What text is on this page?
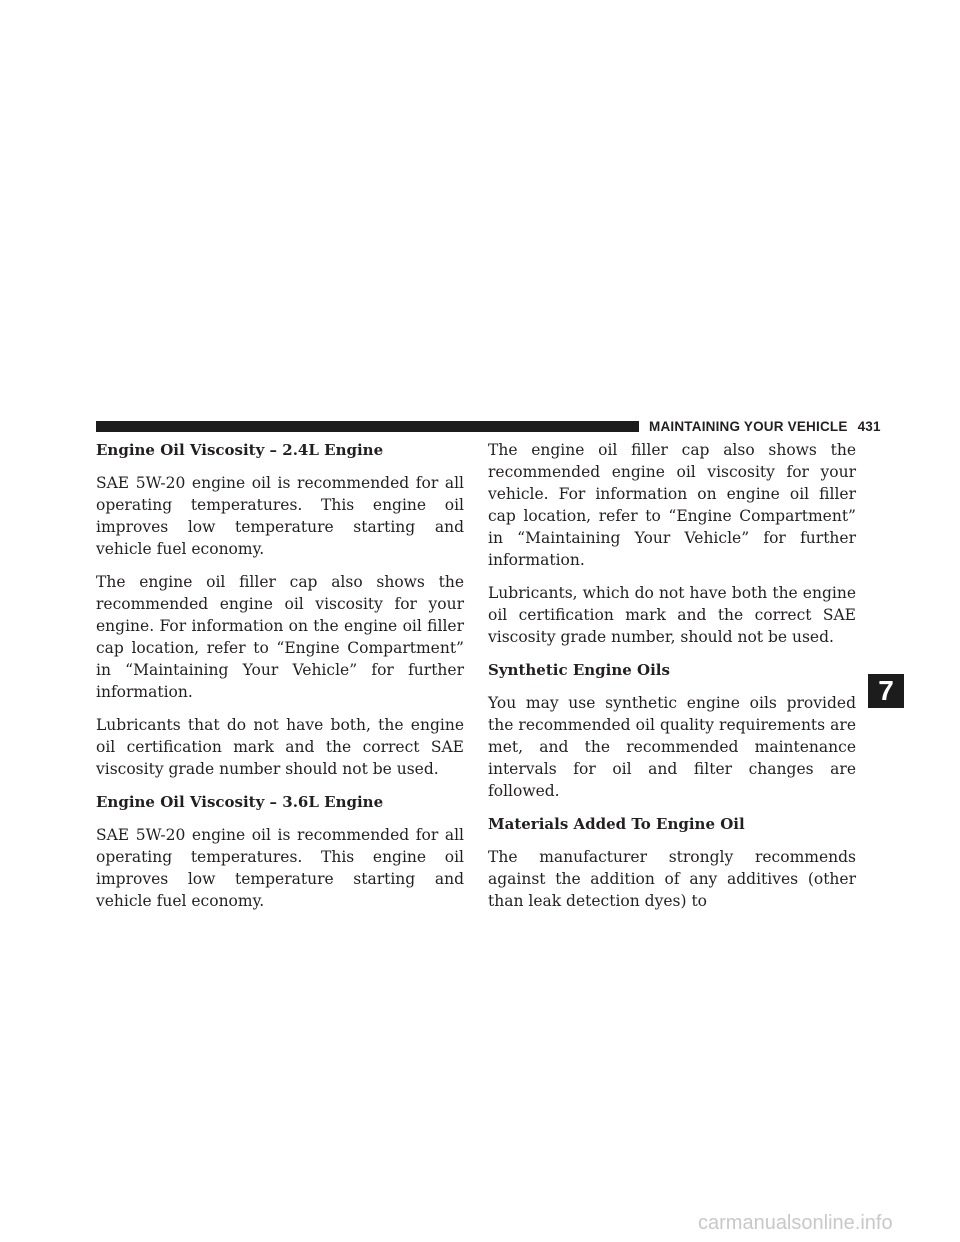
MAINTAINING YOUR VEHICLE 431
Engine Oil Viscosity – 2.4L Engine

SAE 5W-20 engine oil is recommended for all operating temperatures. This engine oil improves low temperature starting and vehicle fuel economy.

The engine oil filler cap also shows the recommended engine oil viscosity for your engine. For information on the engine oil filler cap location, refer to “Engine Compartment” in “Maintaining Your Vehicle” for further information.

Lubricants that do not have both, the engine oil certification mark and the correct SAE viscosity grade number should not be used.

Engine Oil Viscosity – 3.6L Engine

SAE 5W-20 engine oil is recommended for all operating temperatures. This engine oil improves low temperature starting and vehicle fuel economy.

The engine oil filler cap also shows the recommended engine oil viscosity for your vehicle. For information on engine oil filler cap location, refer to “Engine Compartment” in “Maintaining Your Vehicle” for further information.

Lubricants, which do not have both the engine oil certification mark and the correct SAE viscosity grade number, should not be used.

Synthetic Engine Oils

You may use synthetic engine oils provided the recommended oil quality requirements are met, and the recommended maintenance intervals for oil and filter changes are followed.

Materials Added To Engine Oil

The manufacturer strongly recommends against the addition of any additives (other than leak detection dyes) to

7
carmanualsonline.info
